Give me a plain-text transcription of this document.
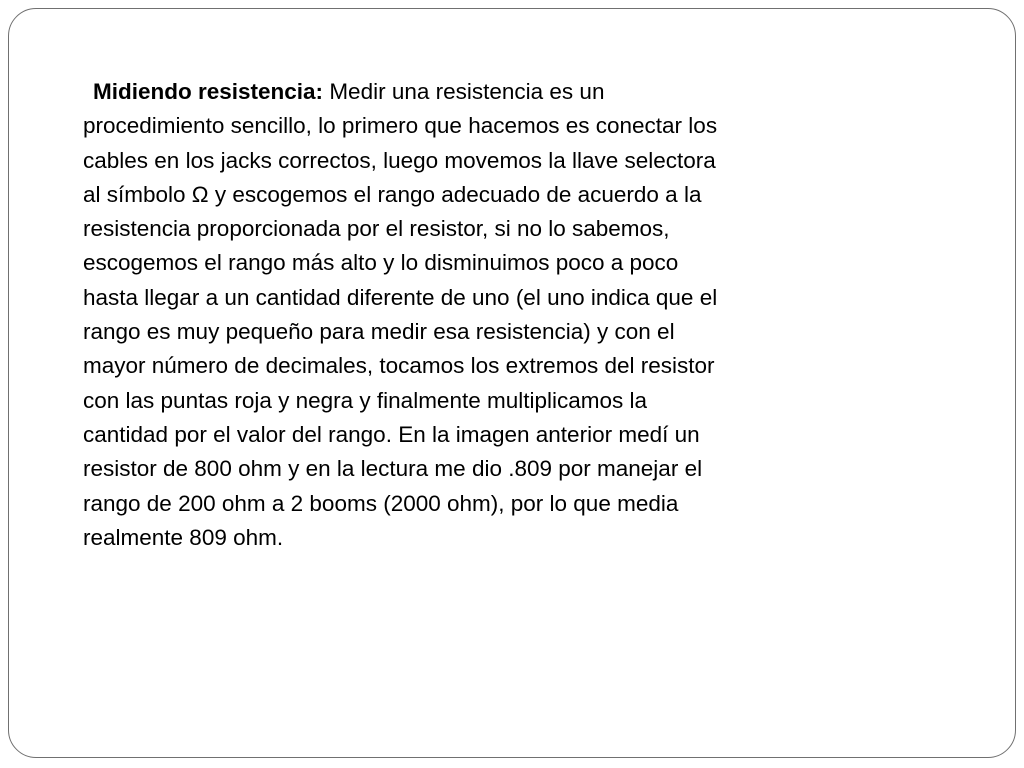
Midiendo resistencia: Medir una resistencia es un
procedimiento sencillo, lo primero que hacemos es conectar los
cables en los jacks correctos, luego movemos la llave selectora
al símbolo Ω y escogemos el rango adecuado de acuerdo a la
resistencia proporcionada por el resistor, si no lo sabemos,
escogemos el rango más alto y lo disminuimos poco a poco
hasta llegar a un cantidad diferente de uno (el uno indica que el
rango es muy pequeño para medir esa resistencia) y con el
mayor número de decimales, tocamos los extremos del resistor
con las puntas roja y negra y finalmente multiplicamos la
cantidad por el valor del rango. En la imagen anterior medí un
resistor de 800 ohm y en la lectura me dio .809 por manejar el
rango de 200 ohm a 2 booms (2000 ohm), por lo que media
realmente 809 ohm.
